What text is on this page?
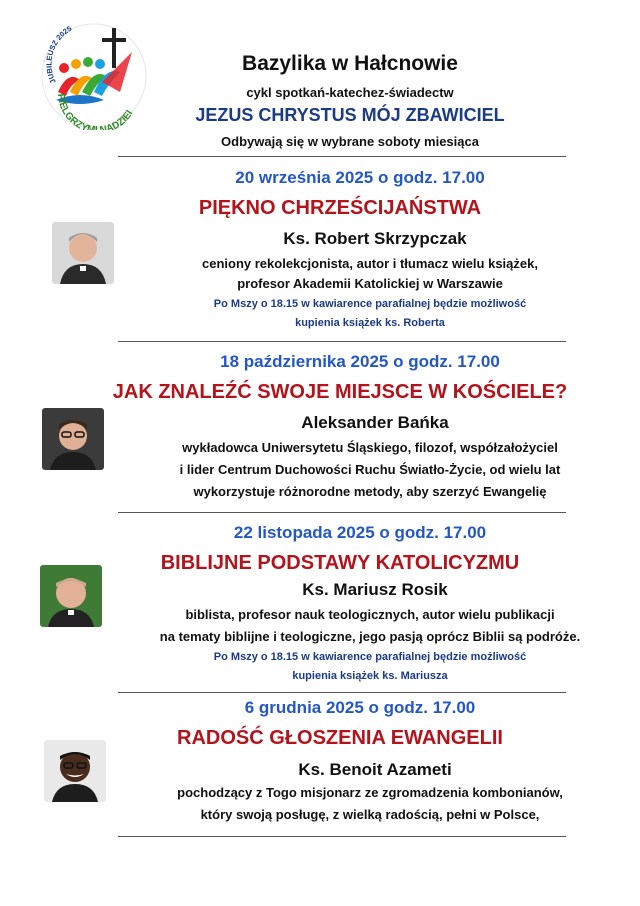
JUBILEUSZ 2025
PIELGRZYM ADZIEI
Bazylika w Hałcnowie
cykl spotkań-katechez-świadectw
JEZUS CHRYSTUS MÓJ ZBAWICIEL
Odbywają się w wybrane soboty miesiąca
20 września 2025 o godz. 17.00
PIĘKNO CHRZEŚCIJAŃSTWA
Ks. Robert Skrzypczak
ceniony rekolekcjonista, autor i tłumacz wielu książek,
profesor Akademii Katolickiej w Warszawie
Po Mszy o 18.15 w kawiarence parafialnej będzie możliwość
kupienia książek ks. Roberta
18 października 2025 o godz. 17.00
JAK ZNALEŹĆ SWOJE MIEJSCE W KOŚCIELE?
Aleksander Bańka
wykładowca Uniwersytetu Śląskiego, filozof, współzałożyciel
i lider Centrum Duchowości Ruchu Światło-Życie, od wielu lat
wykorzystuje różnorodne metody, aby szerzyć Ewangelię
22 listopada 2025 o godz. 17.00
BIBLIJNE PODSTAWY KATOLICYZMU
Ks. Mariusz Rosik
biblista, profesor nauk teologicznych, autor wielu publikacji
na tematy biblijne i teologiczne, jego pasją oprócz Biblii są podróże.
Po Mszy o 18.15 w kawiarence parafialnej będzie możliwość
kupienia książek ks. Mariusza
6 grudnia 2025 o godz. 17.00
RADOŚĆ GŁOSZENIA EWANGELII
Ks. Benoit Azameti
pochodzący z Togo misjonarz ze zgromadzenia kombonianów,
który swoją posługę, z wielką radością, pełni w Polsce,
